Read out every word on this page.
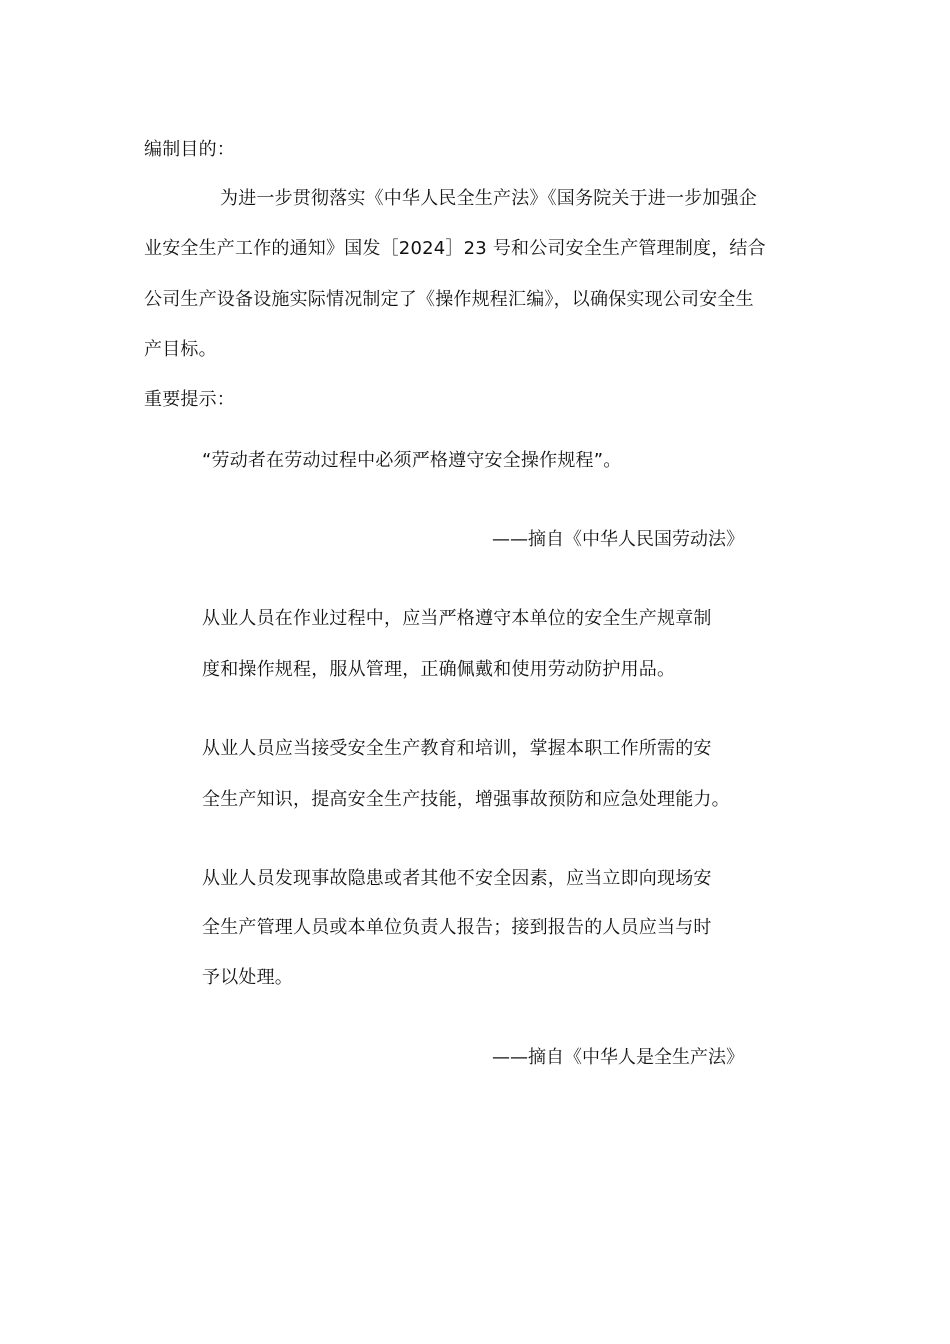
编制目的：
为进一步贯彻落实《中华人民全生产法》《国务院关于进一步加强企
业安全生产工作的通知》国发［2024］23 号和公司安全生产管理制度，结合
公司生产设备设施实际情况制定了《操作规程汇编》，以确保实现公司安全生
产目标。
重要提示：
“劳动者在劳动过程中必须严格遵守安全操作规程”。
——摘自《中华人民国劳动法》
从业人员在作业过程中，应当严格遵守本单位的安全生产规章制
度和操作规程，服从管理，正确佩戴和使用劳动防护用品。
从业人员应当接受安全生产教育和培训，掌握本职工作所需的安
全生产知识，提高安全生产技能，增强事故预防和应急处理能力。
从业人员发现事故隐患或者其他不安全因素，应当立即向现场安
全生产管理人员或本单位负责人报告；接到报告的人员应当与时
予以处理。
——摘自《中华人是全生产法》
